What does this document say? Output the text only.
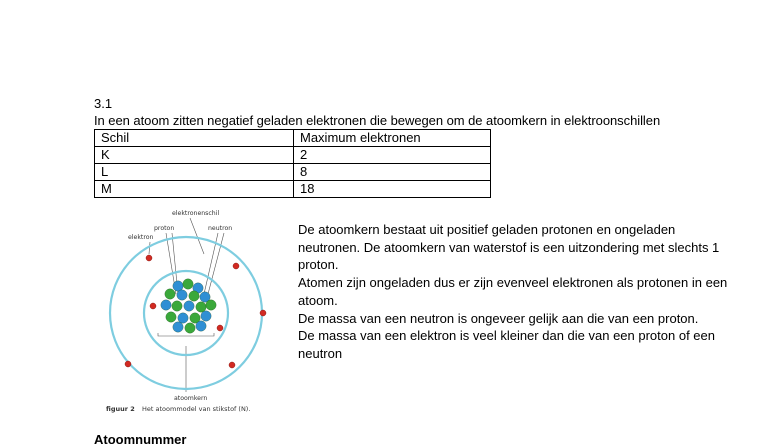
3.1
In een atoom zitten negatief geladen elektronen die bewegen om de atoomkern in elektroonschillen
Schil	Maximum elektronen
K	2
L	8
M	18
elektronenschil
proton	neutron
elektron
atoomkern
figuur 2 Het atoommodel van stikstof (N).

De atoomkern bestaat uit positief geladen protonen en ongeladen neutronen. De atoomkern van waterstof is een uitzondering met slechts 1 proton.

Atomen zijn ongeladen dus er zijn evenveel elektronen als protonen in een atoom.

De massa van een neutron is ongeveer gelijk aan die van een proton.

De massa van een elektron is veel kleiner dan die van een proton of een neutron

Atoomnummer
